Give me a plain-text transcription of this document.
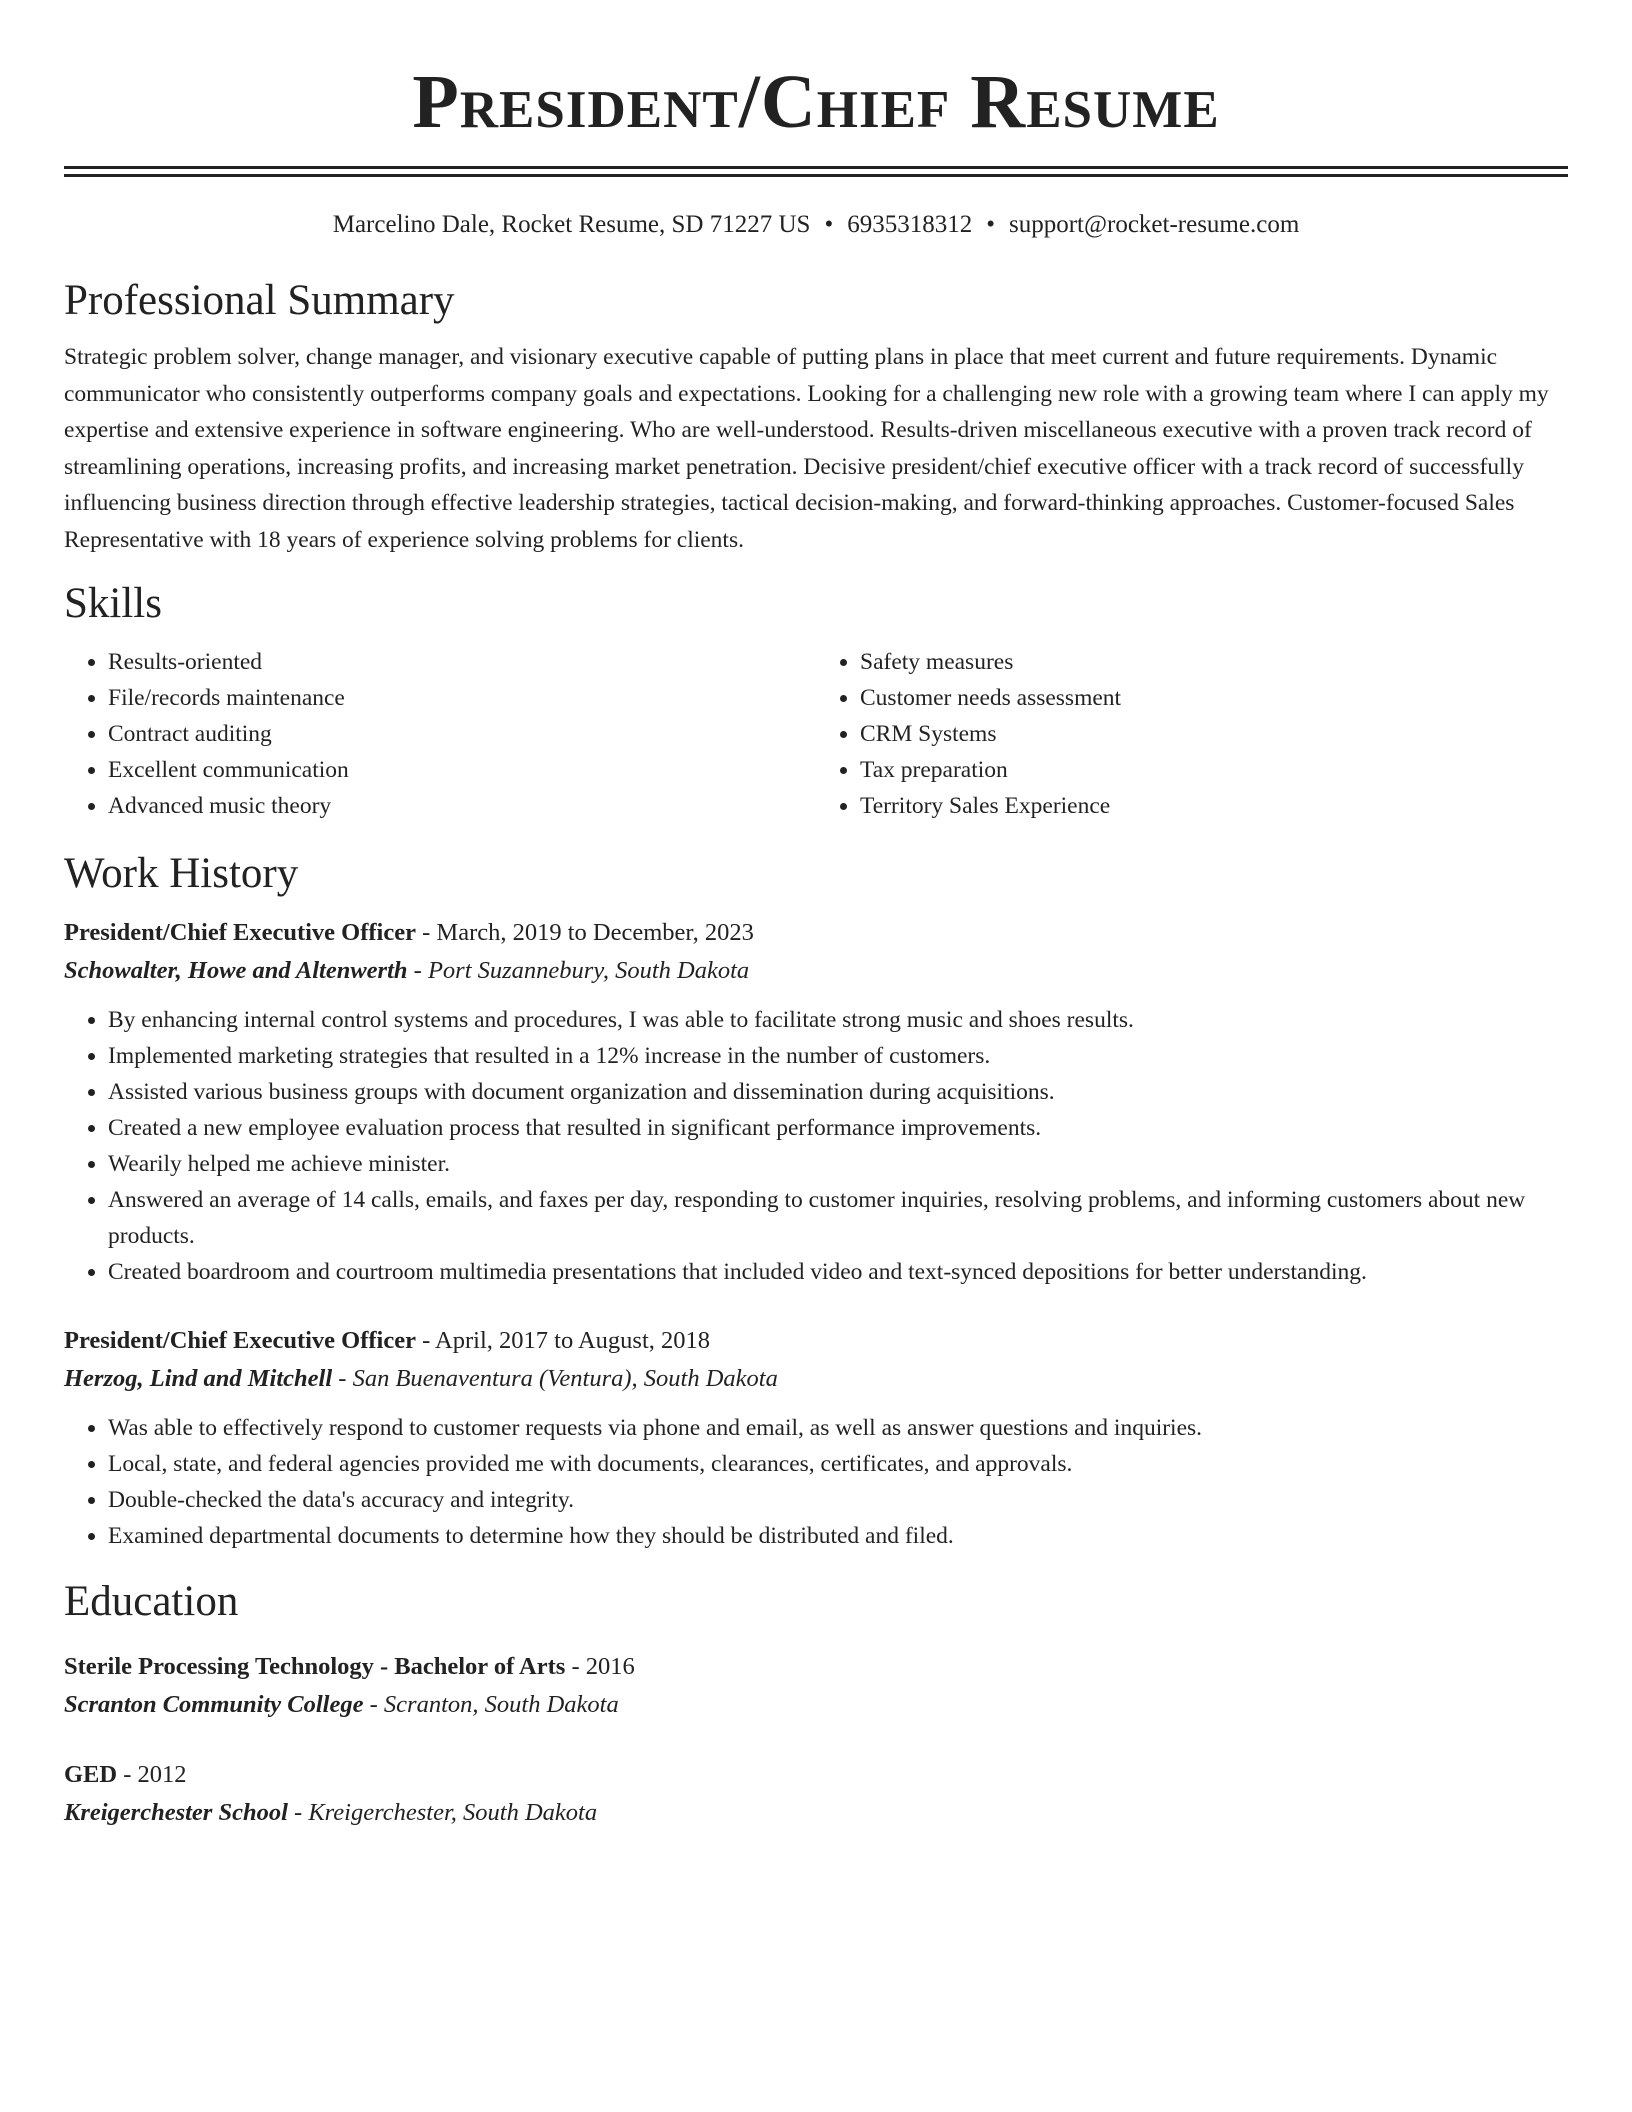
President/Chief Resume
Marcelino Dale, Rocket Resume, SD 71227 US • 6935318312 • support@rocket-resume.com
Professional Summary
Strategic problem solver, change manager, and visionary executive capable of putting plans in place that meet current and future requirements. Dynamic communicator who consistently outperforms company goals and expectations. Looking for a challenging new role with a growing team where I can apply my expertise and extensive experience in software engineering. Who are well-understood. Results-driven miscellaneous executive with a proven track record of streamlining operations, increasing profits, and increasing market penetration. Decisive president/chief executive officer with a track record of successfully influencing business direction through effective leadership strategies, tactical decision-making, and forward-thinking approaches. Customer-focused Sales Representative with 18 years of experience solving problems for clients.
Skills
• Results-oriented
• File/records maintenance
• Contract auditing
• Excellent communication
• Advanced music theory
• Safety measures
• Customer needs assessment
• CRM Systems
• Tax preparation
• Territory Sales Experience
Work History
President/Chief Executive Officer - March, 2019 to December, 2023
Schowalter, Howe and Altenwerth - Port Suzannebury, South Dakota
• By enhancing internal control systems and procedures, I was able to facilitate strong music and shoes results.
• Implemented marketing strategies that resulted in a 12% increase in the number of customers.
• Assisted various business groups with document organization and dissemination during acquisitions.
• Created a new employee evaluation process that resulted in significant performance improvements.
• Wearily helped me achieve minister.
• Answered an average of 14 calls, emails, and faxes per day, responding to customer inquiries, resolving problems, and informing customers about new products.
• Created boardroom and courtroom multimedia presentations that included video and text-synced depositions for better understanding.
President/Chief Executive Officer - April, 2017 to August, 2018
Herzog, Lind and Mitchell - San Buenaventura (Ventura), South Dakota
• Was able to effectively respond to customer requests via phone and email, as well as answer questions and inquiries.
• Local, state, and federal agencies provided me with documents, clearances, certificates, and approvals.
• Double-checked the data's accuracy and integrity.
• Examined departmental documents to determine how they should be distributed and filed.
Education
Sterile Processing Technology - Bachelor of Arts - 2016
Scranton Community College - Scranton, South Dakota
GED - 2012
Kreigerchester School - Kreigerchester, South Dakota
